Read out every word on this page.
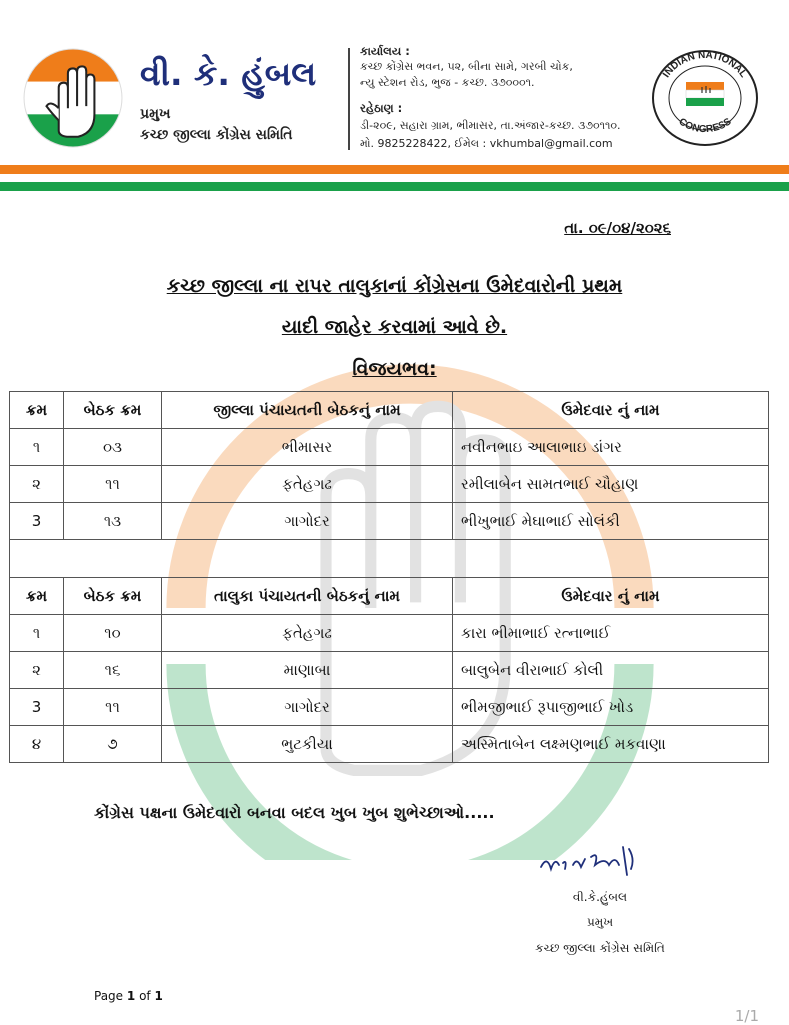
વી. કે. હુંબલ
પ્રમુખ
કચ્છ જીલ્લા કોંગ્રેસ સમિતિ
કાર્યાલય :
કચ્છ કોંગ્રેસ ભવન, ૫૨, બીના સામે, ગરબી ચોક,
ન્યુ સ્ટેશન રોડ, ભુજ - કચ્છ. ૩૭૦૦૦૧.
રહેઠાણ :
ડી-૨૦૯, સહારા ગ્રામ, ભીમાસર, તા.અંજાર-કચ્છ. ૩૭૦૧૧૦.
મો. 9825228422, ઈમેલ : vkhumbal@gmail.com
INDIAN NATIONAL
CONGRESS
તા. ૦૯/૦૪/૨૦૨૬
કચ્છ જીલ્લા ના રાપર તાલુકાનાં કોંગ્રેસના ઉમેદવારોની પ્રથમ
યાદી જાહેર કરવામાં આવે છે.
વિજયભવ:
ક્રમ	બેઠક ક્રમ	જીલ્લા પંચાયતની બેઠકનું નામ	ઉમેદવાર નું નામ
૧	૦૩	ભીમાસર	નવીનભાઇ આલાભાઇ ડાંગર
૨	૧૧	ફતેહગઢ	રમીલાબેન સામતભાઈ ચૌહાણ
3	૧૩	ગાગોદર	ભીખુભાઈ મેઘાભાઈ સોલંકી

ક્રમ	બેઠક ક્રમ	તાલુકા પંચાયતની બેઠકનું નામ	ઉમેદવાર નું નામ
૧	૧૦	ફતેહગઢ	કારા ભીમાભાઈ રત્નાભાઈ
૨	૧૬	માણાબા	બાલુબેન વીરાભાઈ કોલી
3	૧૧	ગાગોદર	ભીમજીભાઈ રૂપાજીભાઈ ખોડ
૪	૭	ભુટકીયા	અસ્મિતાબેન લક્ષ્મણભાઈ મકવાણા
કોંગ્રેસ પક્ષના ઉમેદવારો બનવા બદલ ખુબ ખુબ શુભેચ્છાઓ.....
વી.કે.હુંબલ
પ્રમુખ
કચ્છ જીલ્લા કોંગ્રેસ સમિતિ
Page 1 of 1
1/1
